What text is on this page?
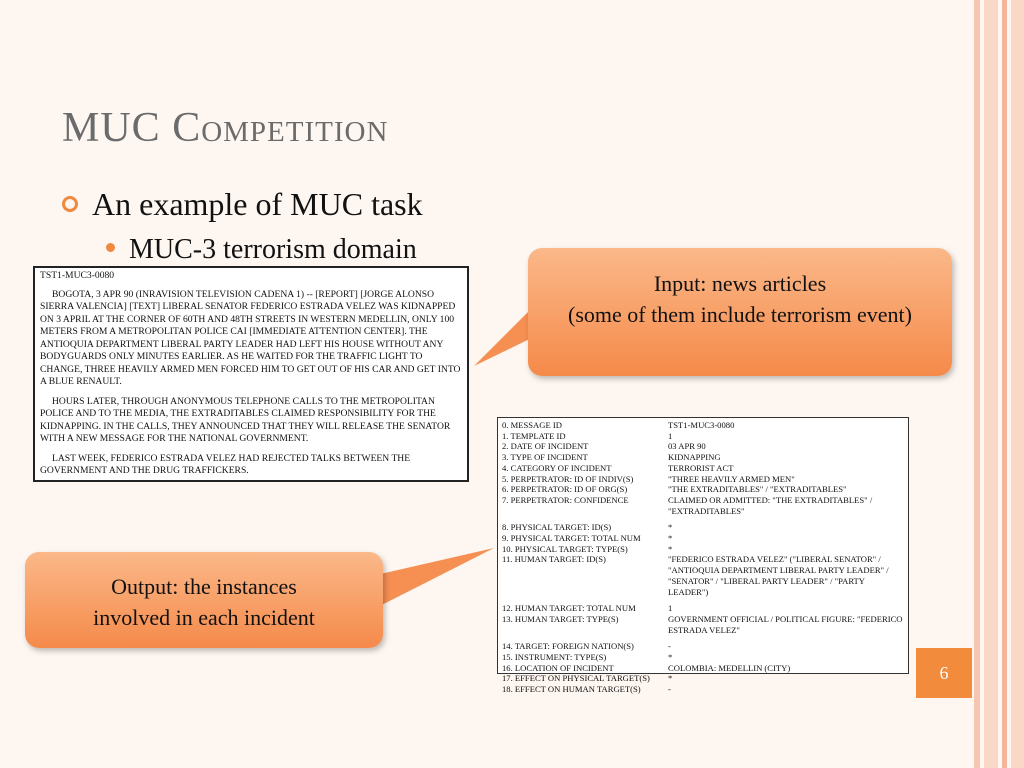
MUC Competition
An example of MUC task
MUC-3 terrorism domain

TST1-MUC3-0080

BOGOTA, 3 APR 90 (INRAVISION TELEVISION CADENA 1) -- [REPORT] [JORGE ALONSO SIERRA VALENCIA] [TEXT] LIBERAL SENATOR FEDERICO ESTRADA VELEZ WAS KIDNAPPED ON 3 APRIL AT THE CORNER OF 60TH AND 48TH STREETS IN WESTERN MEDELLIN, ONLY 100 METERS FROM A METROPOLITAN POLICE CAI [IMMEDIATE ATTENTION CENTER]. THE ANTIOQUIA DEPARTMENT LIBERAL PARTY LEADER HAD LEFT HIS HOUSE WITHOUT ANY BODYGUARDS ONLY MINUTES EARLIER. AS HE WAITED FOR THE TRAFFIC LIGHT TO CHANGE, THREE HEAVILY ARMED MEN FORCED HIM TO GET OUT OF HIS CAR AND GET INTO A BLUE RENAULT.

HOURS LATER, THROUGH ANONYMOUS TELEPHONE CALLS TO THE METROPOLITAN POLICE AND TO THE MEDIA, THE EXTRADITABLES CLAIMED RESPONSIBILITY FOR THE KIDNAPPING. IN THE CALLS, THEY ANNOUNCED THAT THEY WILL RELEASE THE SENATOR WITH A NEW MESSAGE FOR THE NATIONAL GOVERNMENT.

LAST WEEK, FEDERICO ESTRADA VELEZ HAD REJECTED TALKS BETWEEN THE GOVERNMENT AND THE DRUG TRAFFICKERS.

0. MESSAGE ID	TST1-MUC3-0080
1. TEMPLATE ID	1
2. DATE OF INCIDENT	03 APR 90
3. TYPE OF INCIDENT	KIDNAPPING
4. CATEGORY OF INCIDENT	TERRORIST ACT
5. PERPETRATOR: ID OF INDIV(S)	"THREE HEAVILY ARMED MEN"
6. PERPETRATOR: ID OF ORG(S)	"THE EXTRADITABLES" / "EXTRADITABLES"
7. PERPETRATOR: CONFIDENCE	CLAIMED OR ADMITTED: "THE EXTRADITABLES" / "EXTRADITABLES"
8. PHYSICAL TARGET: ID(S)	*
9. PHYSICAL TARGET: TOTAL NUM	*
10. PHYSICAL TARGET: TYPE(S)	*
11. HUMAN TARGET: ID(S)	"FEDERICO ESTRADA VELEZ" ("LIBERAL SENATOR" / "ANTIOQUIA DEPARTMENT LIBERAL PARTY LEADER" / "SENATOR" / "LIBERAL PARTY LEADER" / "PARTY LEADER")
12. HUMAN TARGET: TOTAL NUM	1
13. HUMAN TARGET: TYPE(S)	GOVERNMENT OFFICIAL / POLITICAL FIGURE: "FEDERICO ESTRADA VELEZ"
14. TARGET: FOREIGN NATION(S)	-
15. INSTRUMENT: TYPE(S)	*
16. LOCATION OF INCIDENT	COLOMBIA: MEDELLIN (CITY)
17. EFFECT ON PHYSICAL TARGET(S)	*
18. EFFECT ON HUMAN TARGET(S)	-
Input: news articles
(some of them include terrorism event)
Output: the instances
involved in each incident
6
